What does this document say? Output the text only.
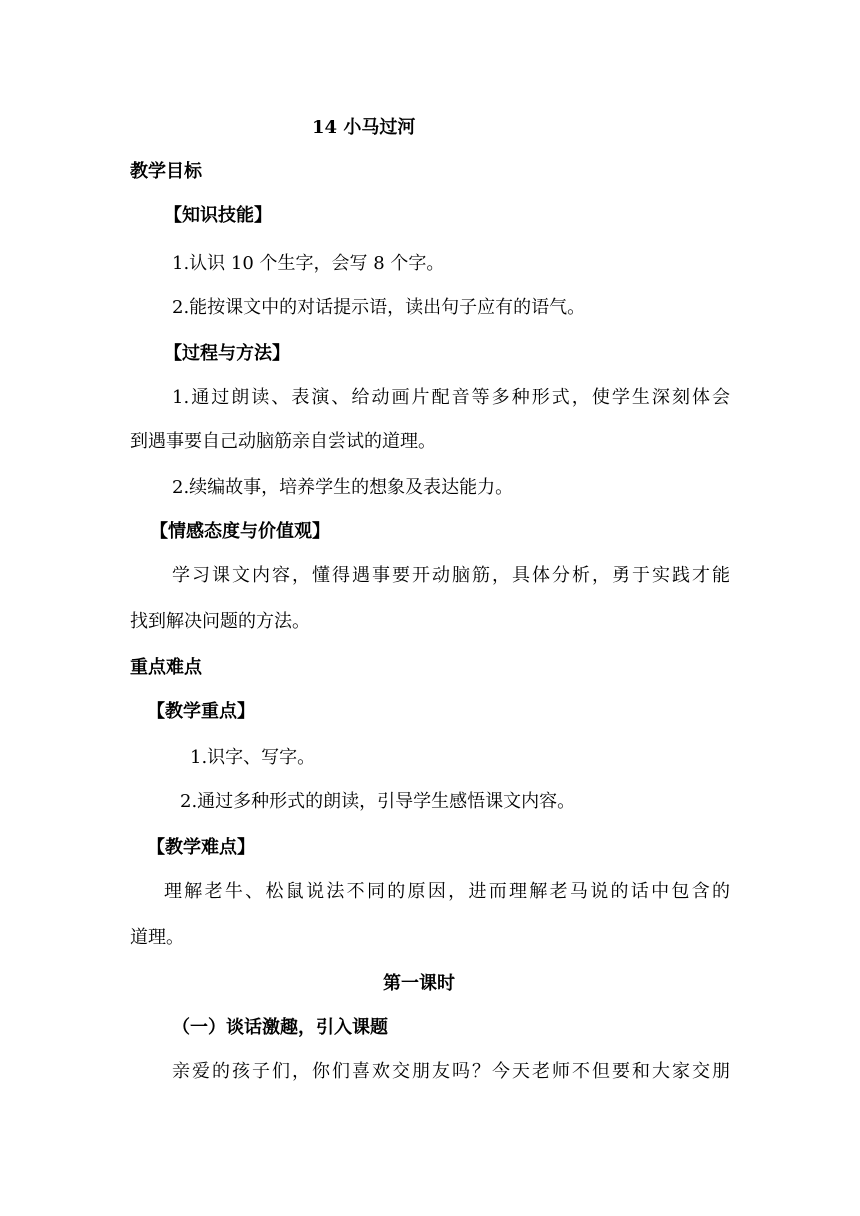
14 小马过河

教学目标

【知识技能】

1.认识 10 个生字，会写 8 个字。

2.能按课文中的对话提示语，读出句子应有的语气。

【过程与方法】

1.通过朗读、表演、给动画片配音等多种形式，使学生深刻体会

到遇事要自己动脑筋亲自尝试的道理。

2.续编故事，培养学生的想象及表达能力。

【情感态度与价值观】

学习课文内容，懂得遇事要开动脑筋，具体分析，勇于实践才能

找到解决问题的方法。

重点难点

【教学重点】

1.识字、写字。

2.通过多种形式的朗读，引导学生感悟课文内容。

【教学难点】

理解老牛、松鼠说法不同的原因，进而理解老马说的话中包含的

道理。

第一课时

（一）谈话激趣，引入课题

亲爱的孩子们，你们喜欢交朋友吗？今天老师不但要和大家交朋
